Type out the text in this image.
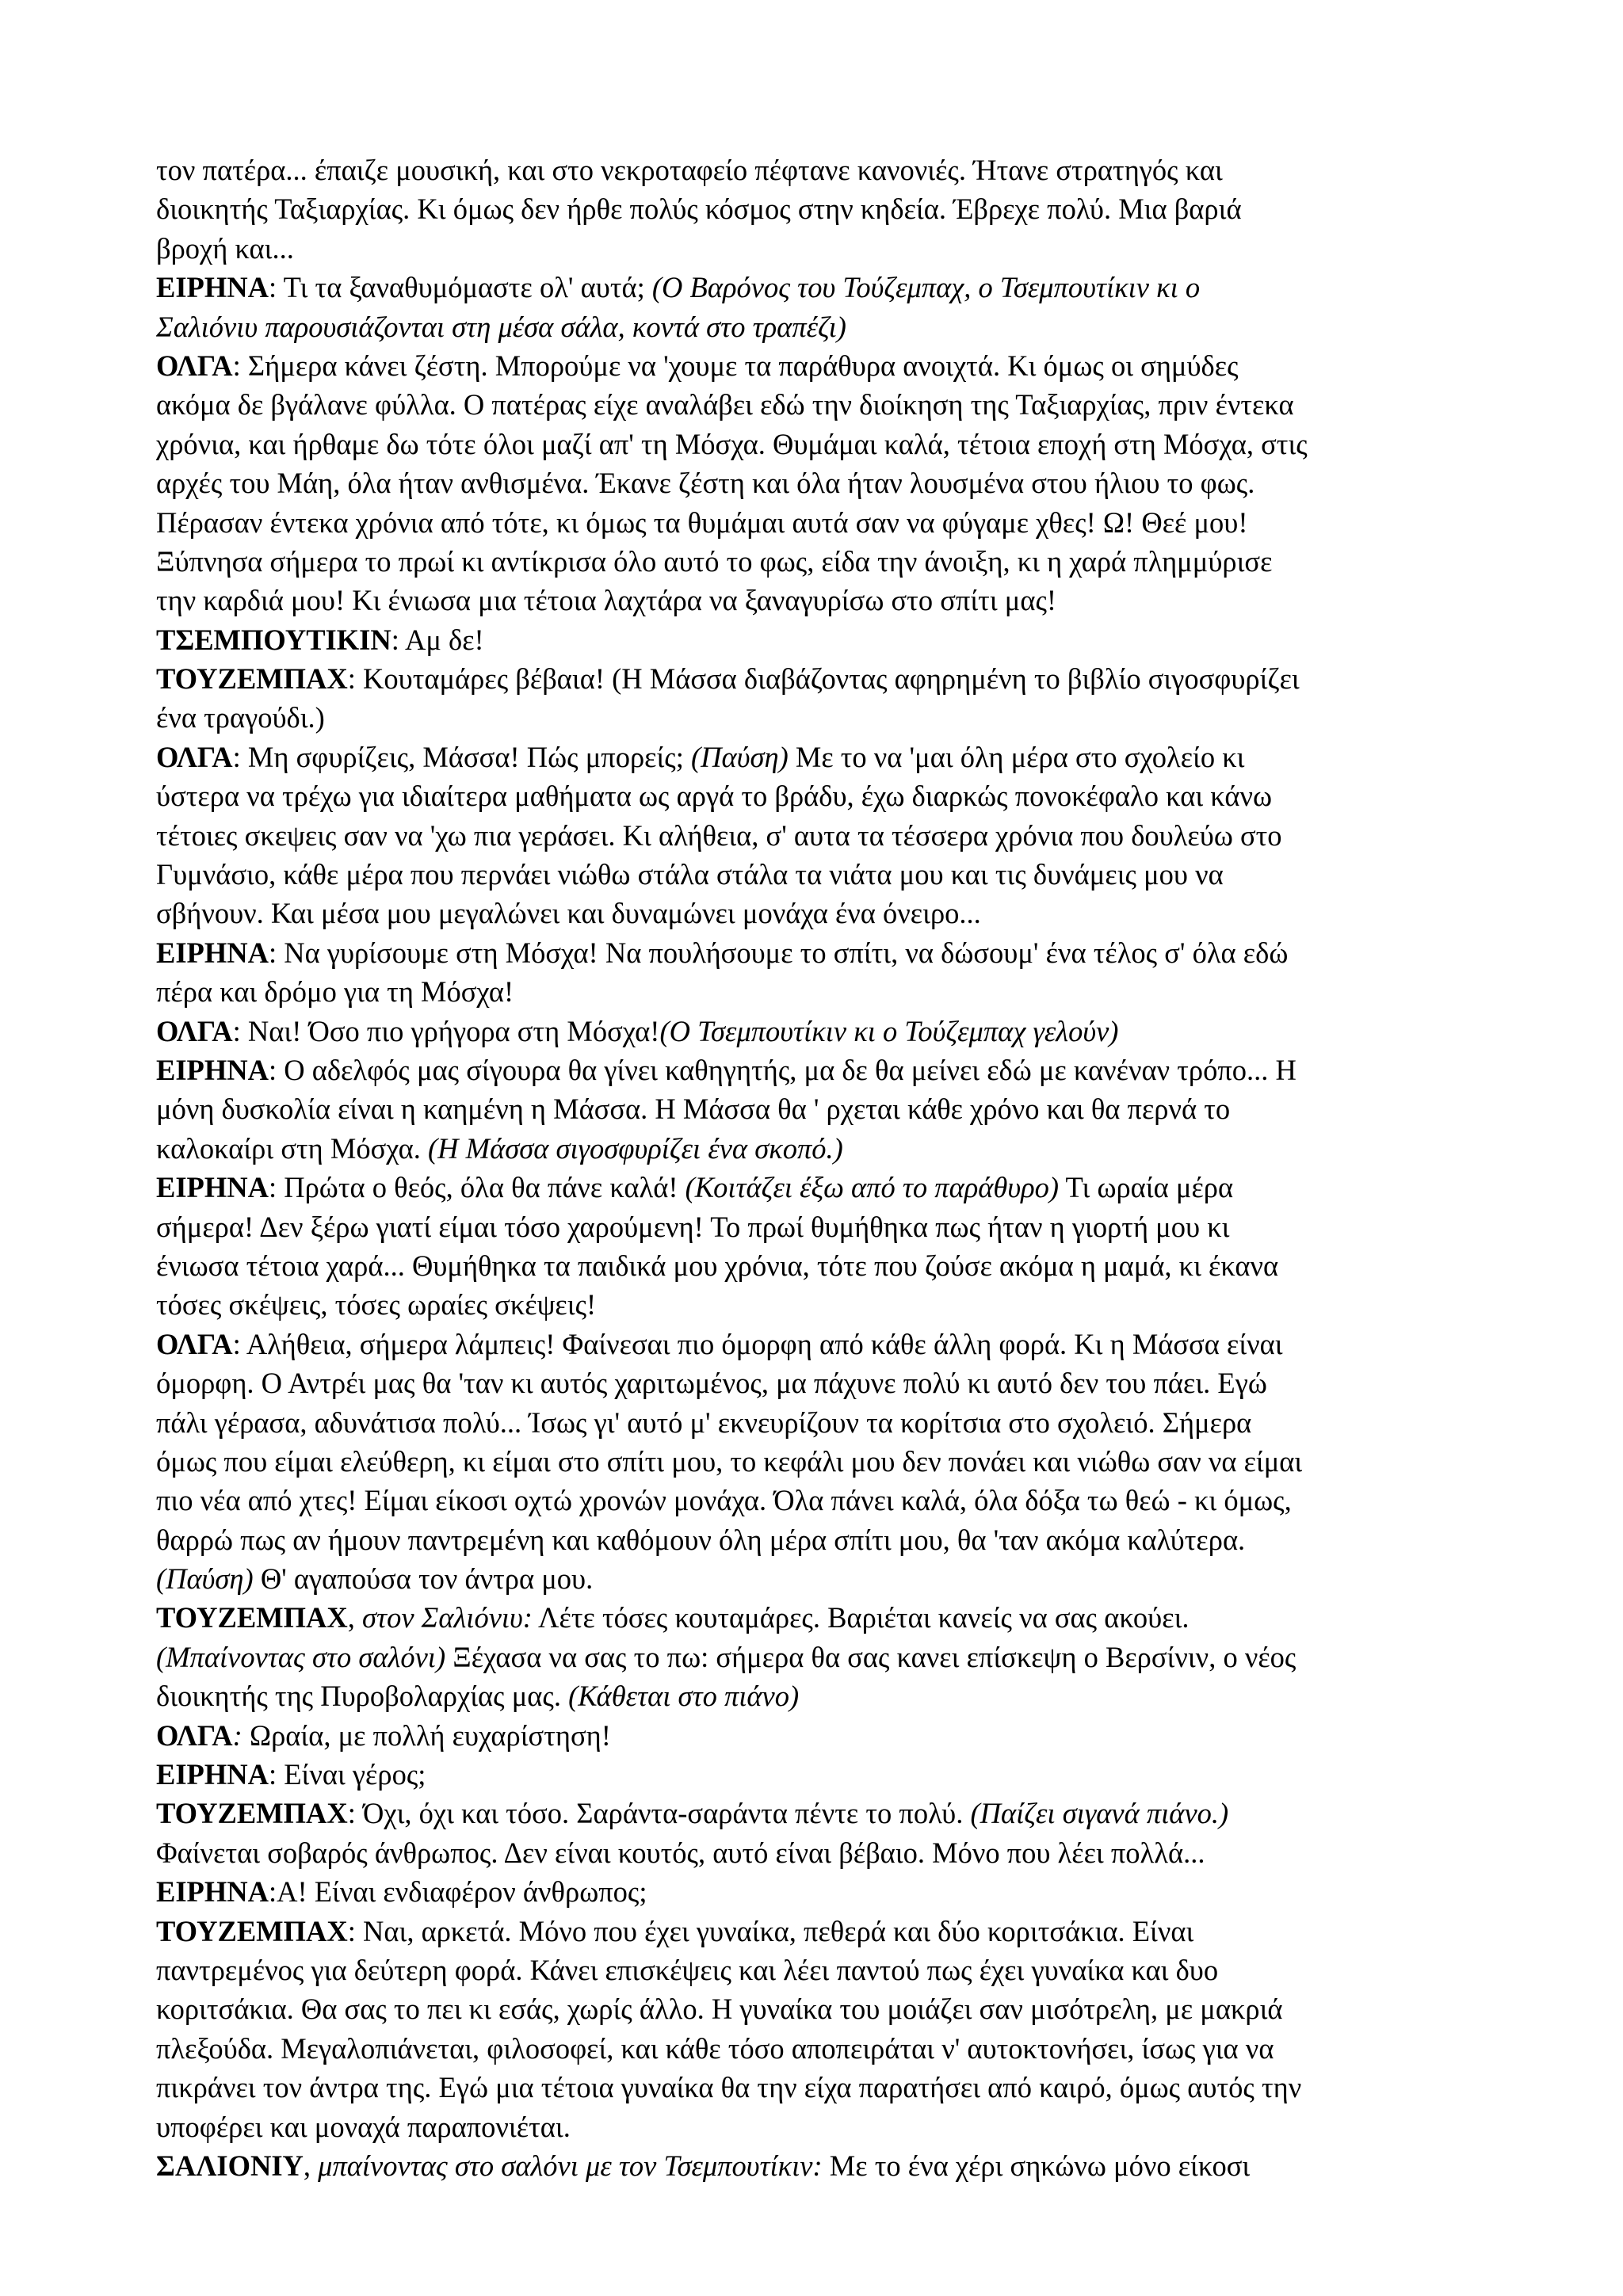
τον πατέρα... έπαιζε μουσική, και στο νεκροταφείο πέφτανε κανονιές. Ήτανε στρατηγός και
διοικητής Ταξιαρχίας. Κι όμως δεν ήρθε πολύς κόσμος στην κηδεία. Έβρεχε πολύ. Μια βαριά
βροχή και...
ΕΙΡΗΝΑ: Τι τα ξαναθυμόμαστε ολ' αυτά; (Ο Βαρόνος του Τούζεμπαχ, ο Τσεμπουτίκιν κι ο
Σαλιόνιυ παρουσιάζονται στη μέσα σάλα, κοντά στο τραπέζι)
ΟΛΓΑ: Σήμερα κάνει ζέστη. Μπορούμε να 'χουμε τα παράθυρα ανοιχτά. Κι όμως οι σημύδες
ακόμα δε βγάλανε φύλλα. Ο πατέρας είχε αναλάβει εδώ την διοίκηση της Ταξιαρχίας, πριν έντεκα
χρόνια, και ήρθαμε δω τότε όλοι μαζί απ' τη Μόσχα. Θυμάμαι καλά, τέτοια εποχή στη Μόσχα, στις
αρχές του Μάη, όλα ήταν ανθισμένα. Έκανε ζέστη και όλα ήταν λουσμένα στου ήλιου το φως.
Πέρασαν έντεκα χρόνια από τότε, κι όμως τα θυμάμαι αυτά σαν να φύγαμε χθες! Ω! Θεέ μου!
Ξύπνησα σήμερα το πρωί κι αντίκρισα όλο αυτό το φως, είδα την άνοιξη, κι η χαρά πλημμύρισε
την καρδιά μου! Κι ένιωσα μια τέτοια λαχτάρα να ξαναγυρίσω στο σπίτι μας!
ΤΣΕΜΠΟΥΤΙΚΙΝ: Αμ δε!
ΤΟΥΖΕΜΠΑΧ: Κουταμάρες βέβαια! (Η Μάσσα διαβάζοντας αφηρημένη το βιβλίο σιγοσφυρίζει
ένα τραγούδι.)
ΟΛΓΑ: Μη σφυρίζεις, Μάσσα! Πώς μπορείς; (Παύση) Με το να 'μαι όλη μέρα στο σχολείο κι
ύστερα να τρέχω για ιδιαίτερα μαθήματα ως αργά το βράδυ, έχω διαρκώς πονοκέφαλο και κάνω
τέτοιες σκεψεις σαν να 'χω πια γεράσει. Κι αλήθεια, σ' αυτα τα τέσσερα χρόνια που δουλεύω στο
Γυμνάσιο, κάθε μέρα που περνάει νιώθω στάλα στάλα τα νιάτα μου και τις δυνάμεις μου να
σβήνουν. Και μέσα μου μεγαλώνει και δυναμώνει μονάχα ένα όνειρο...
ΕΙΡΗΝΑ: Να γυρίσουμε στη Μόσχα! Να πουλήσουμε το σπίτι, να δώσουμ' ένα τέλος σ' όλα εδώ
πέρα και δρόμο για τη Μόσχα!
ΟΛΓΑ: Ναι! Όσο πιο γρήγορα στη Μόσχα!(Ο Τσεμπουτίκιν κι ο Τούζεμπαχ γελούν)
ΕΙΡΗΝΑ: Ο αδελφός μας σίγουρα θα γίνει καθηγητής, μα δε θα μείνει εδώ με κανέναν τρόπο... Η
μόνη δυσκολία είναι η καημένη η Μάσσα. Η Μάσσα θα ' ρχεται κάθε χρόνο και θα περνά το
καλοκαίρι στη Μόσχα. (Η Μάσσα σιγοσφυρίζει ένα σκοπό.)
ΕΙΡΗΝΑ: Πρώτα ο θεός, όλα θα πάνε καλά! (Κοιτάζει έξω από το παράθυρο) Τι ωραία μέρα
σήμερα! Δεν ξέρω γιατί είμαι τόσο χαρούμενη! Το πρωί θυμήθηκα πως ήταν η γιορτή μου κι
ένιωσα τέτοια χαρά... Θυμήθηκα τα παιδικά μου χρόνια, τότε που ζούσε ακόμα η μαμά, κι έκανα
τόσες σκέψεις, τόσες ωραίες σκέψεις!
ΟΛΓΑ: Αλήθεια, σήμερα λάμπεις! Φαίνεσαι πιο όμορφη από κάθε άλλη φορά. Κι η Μάσσα είναι
όμορφη. Ο Αντρέι μας θα 'ταν κι αυτός χαριτωμένος, μα πάχυνε πολύ κι αυτό δεν του πάει. Εγώ
πάλι γέρασα, αδυνάτισα πολύ... Ίσως γι' αυτό μ' εκνευρίζουν τα κορίτσια στο σχολειό. Σήμερα
όμως που είμαι ελεύθερη, κι είμαι στο σπίτι μου, το κεφάλι μου δεν πονάει και νιώθω σαν να είμαι
πιο νέα από χτες! Είμαι είκοσι οχτώ χρονών μονάχα. Όλα πάνει καλά, όλα δόξα τω θεώ - κι όμως,
θαρρώ πως αν ήμουν παντρεμένη και καθόμουν όλη μέρα σπίτι μου, θα 'ταν ακόμα καλύτερα.
(Παύση) Θ' αγαπούσα τον άντρα μου.
ΤΟΥΖΕΜΠΑΧ, στον Σαλιόνιυ: Λέτε τόσες κουταμάρες. Βαριέται κανείς να σας ακούει.
(Μπαίνοντας στο σαλόνι) Ξέχασα να σας το πω: σήμερα θα σας κανει επίσκεψη ο Βερσίνιν, ο νέος
διοικητής της Πυροβολαρχίας μας. (Κάθεται στο πιάνο)
ΟΛΓΑ: Ωραία, με πολλή ευχαρίστηση!
ΕΙΡΗΝΑ: Είναι γέρος;
ΤΟΥΖΕΜΠΑΧ: Όχι, όχι και τόσο. Σαράντα-σαράντα πέντε το πολύ. (Παίζει σιγανά πιάνο.)
Φαίνεται σοβαρός άνθρωπος. Δεν είναι κουτός, αυτό είναι βέβαιο. Μόνο που λέει πολλά...
ΕΙΡΗΝΑ:Α! Είναι ενδιαφέρον άνθρωπος;
ΤΟΥΖΕΜΠΑΧ: Ναι, αρκετά. Μόνο που έχει γυναίκα, πεθερά και δύο κοριτσάκια. Είναι
παντρεμένος για δεύτερη φορά. Κάνει επισκέψεις και λέει παντού πως έχει γυναίκα και δυο
κοριτσάκια. Θα σας το πει κι εσάς, χωρίς άλλο. Η γυναίκα του μοιάζει σαν μισότρελη, με μακριά
πλεξούδα. Μεγαλοπιάνεται, φιλοσοφεί, και κάθε τόσο αποπειράται ν' αυτοκτονήσει, ίσως για να
πικράνει τον άντρα της. Εγώ μια τέτοια γυναίκα θα την είχα παρατήσει από καιρό, όμως αυτός την
υποφέρει και μοναχά παραπονιέται.
ΣΑΛΙΟΝΙΥ, μπαίνοντας στο σαλόνι με τον Τσεμπουτίκιν: Με το ένα χέρι σηκώνω μόνο είκοσι
